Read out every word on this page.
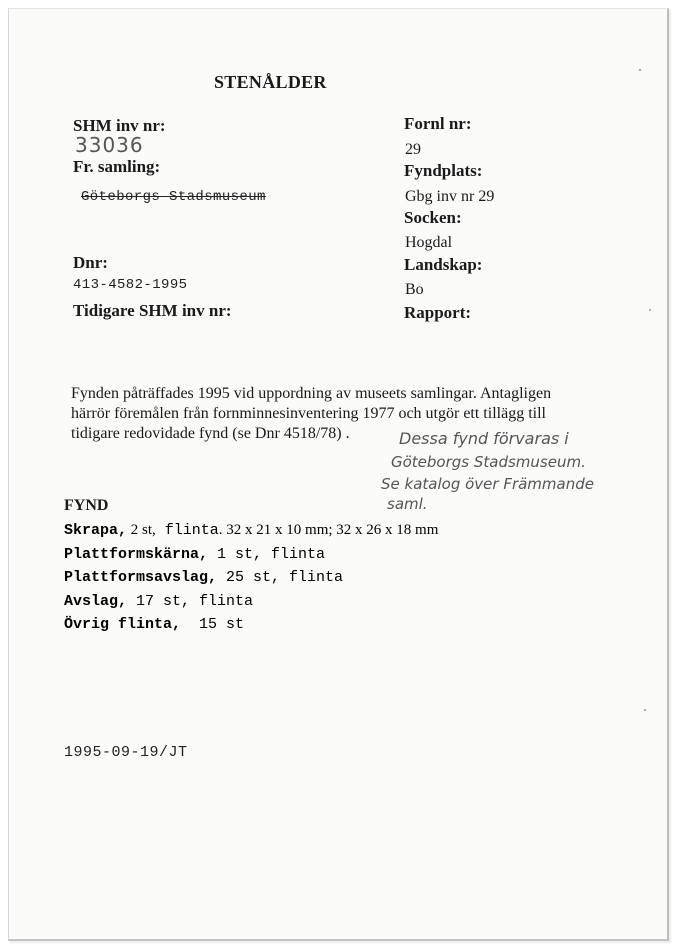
STENÅLDER
SHM inv nr:
33036
Fr. samling:
Göteborgs Stadsmuseum
Dnr:
413-4582-1995
Tidigare SHM inv nr:
Fornl nr:
29
Fyndplats:
Gbg inv nr 29
Socken:
Hogdal
Landskap:
Bo
Rapport:

Fynden påträffades 1995 vid uppordning av museets samlingar. Antagligen

härrör föremålen från fornminnesinventering 1977 och utgör ett tillägg till

tidigare redovidade fynd (se Dnr 4518/78) .	Dessa fynd förvaras i
Göteborgs Stadsmuseum.
Se katalog över Främmande
saml.
FYND
Skrapa, 2 st, flinta. 32 x 21 x 10 mm; 32 x 26 x 18 mm
Plattformskärna, 1 st, flinta
Plattformsavslag, 25 st, flinta
Avslag, 17 st, flinta
Övrig flinta,  15 st
1995-09-19/JT
